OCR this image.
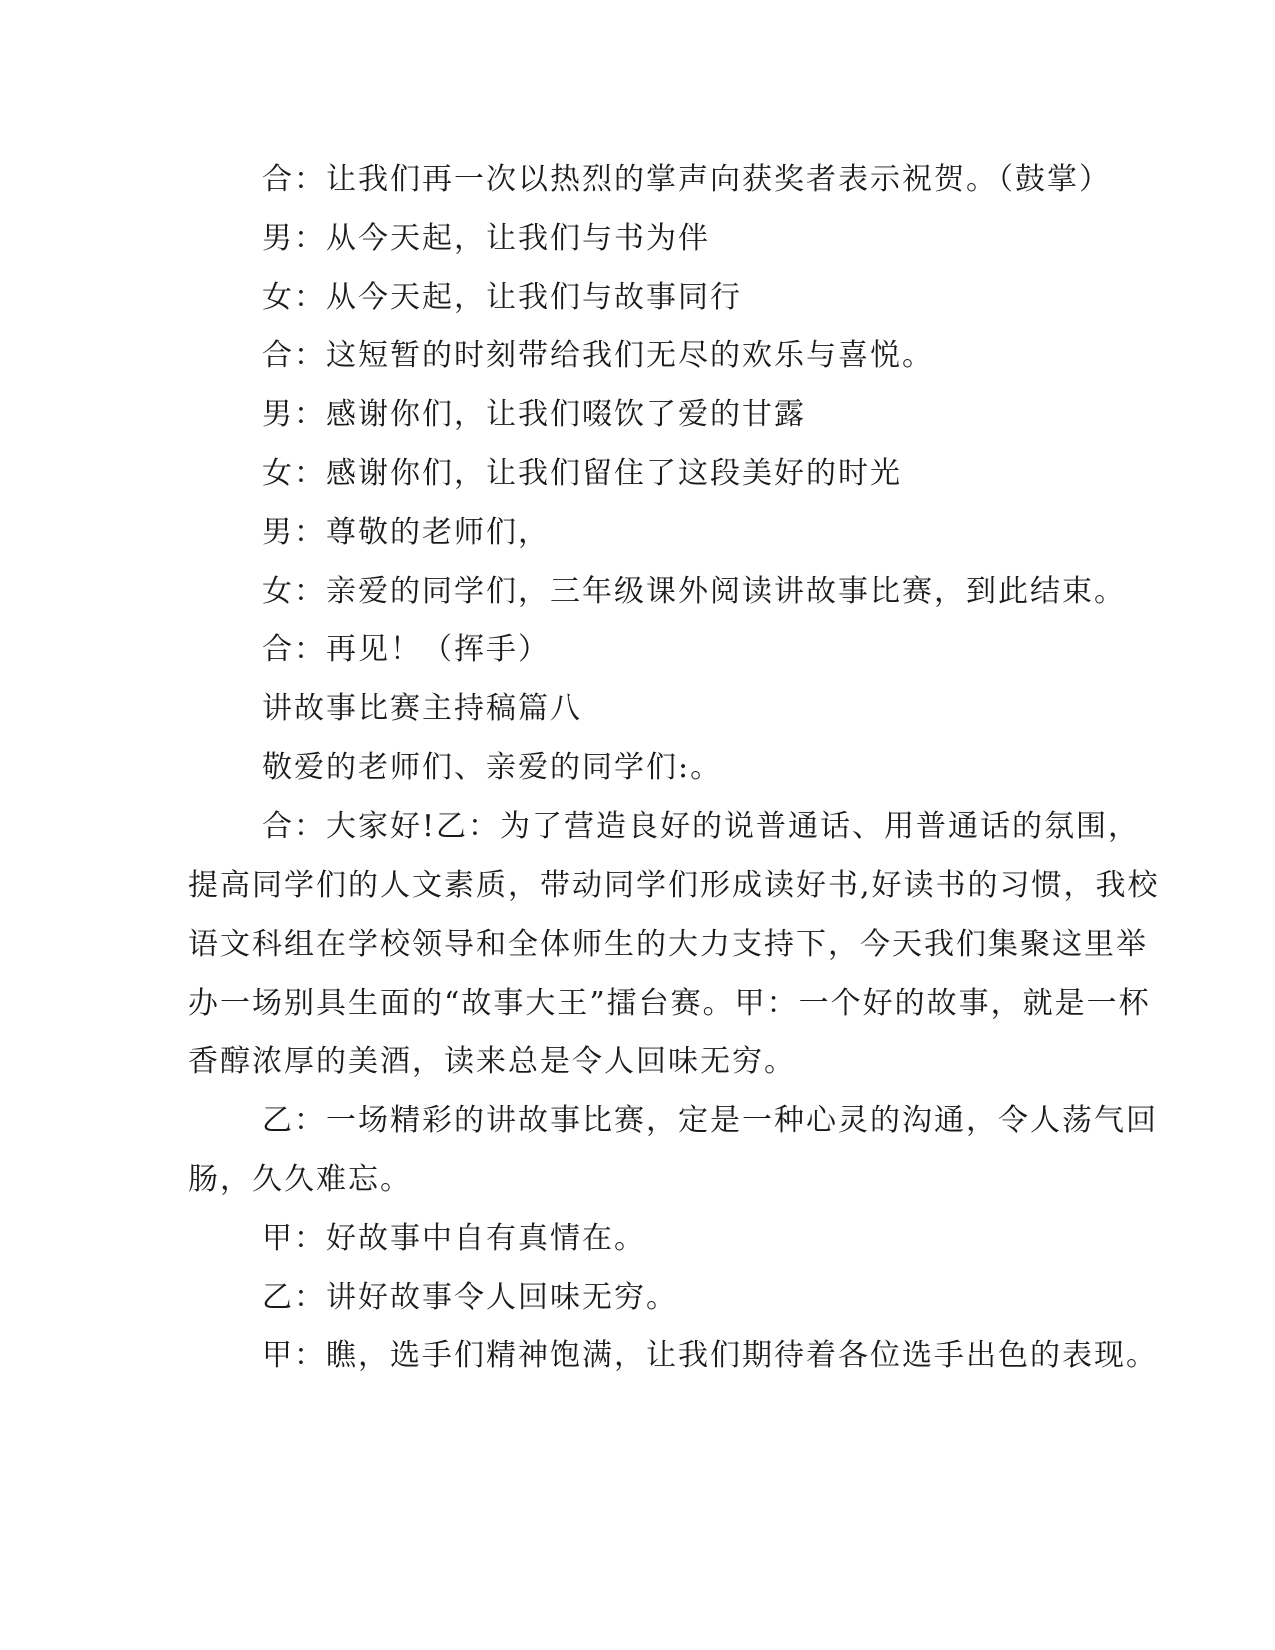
合：让我们再一次以热烈的掌声向获奖者表示祝贺。（鼓掌）

男：从今天起，让我们与书为伴

女：从今天起，让我们与故事同行

合：这短暂的时刻带给我们无尽的欢乐与喜悦。

男：感谢你们，让我们啜饮了爱的甘露

女：感谢你们，让我们留住了这段美好的时光

男：尊敬的老师们，

女：亲爱的同学们，三年级课外阅读讲故事比赛，到此结束。

合：再见！（挥手）

讲故事比赛主持稿篇八

敬爱的老师们、亲爱的同学们:。

合：大家好!乙：为了营造良好的说普通话、用普通话的氛围，

提高同学们的人文素质，带动同学们形成读好书,好读书的习惯，我校

语文科组在学校领导和全体师生的大力支持下，今天我们集聚这里举

办一场别具生面的“故事大王”擂台赛。甲：一个好的故事，就是一杯

香醇浓厚的美酒，读来总是令人回味无穷。

乙：一场精彩的讲故事比赛，定是一种心灵的沟通，令人荡气回

肠，久久难忘。

甲：好故事中自有真情在。

乙：讲好故事令人回味无穷。

甲：瞧，选手们精神饱满，让我们期待着各位选手出色的表现。
